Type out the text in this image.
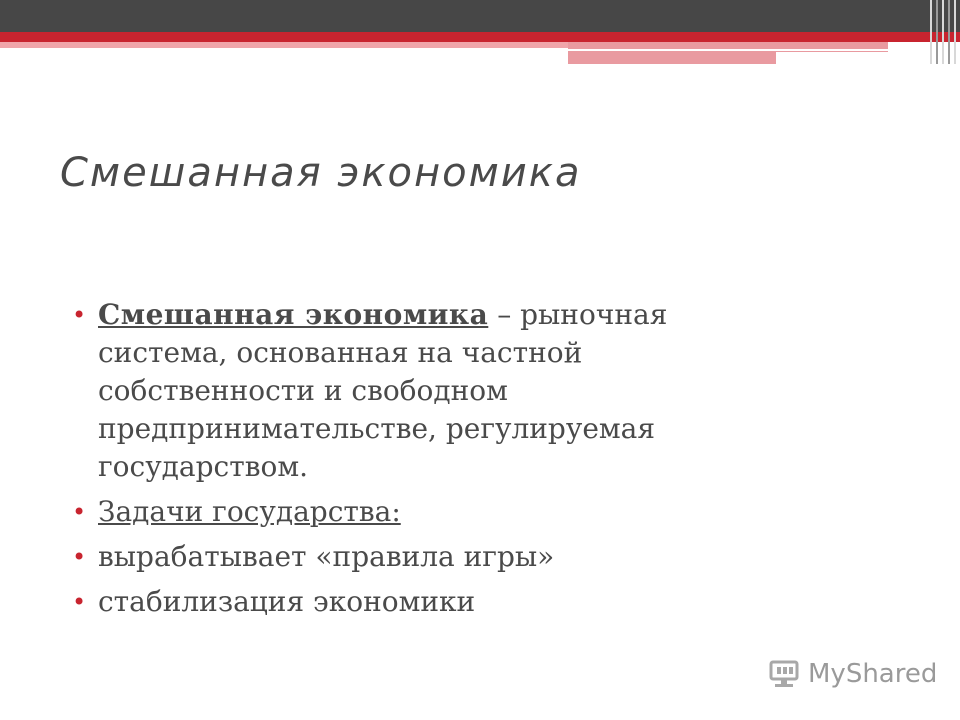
Смешанная экономика
• Смешанная экономика – рыночная система, основанная на частной собственности и свободном предпринимательстве, регулируемая государством.
• Задачи государства:
• вырабатывает «правила игры»
• стабилизация экономики
MyShared
